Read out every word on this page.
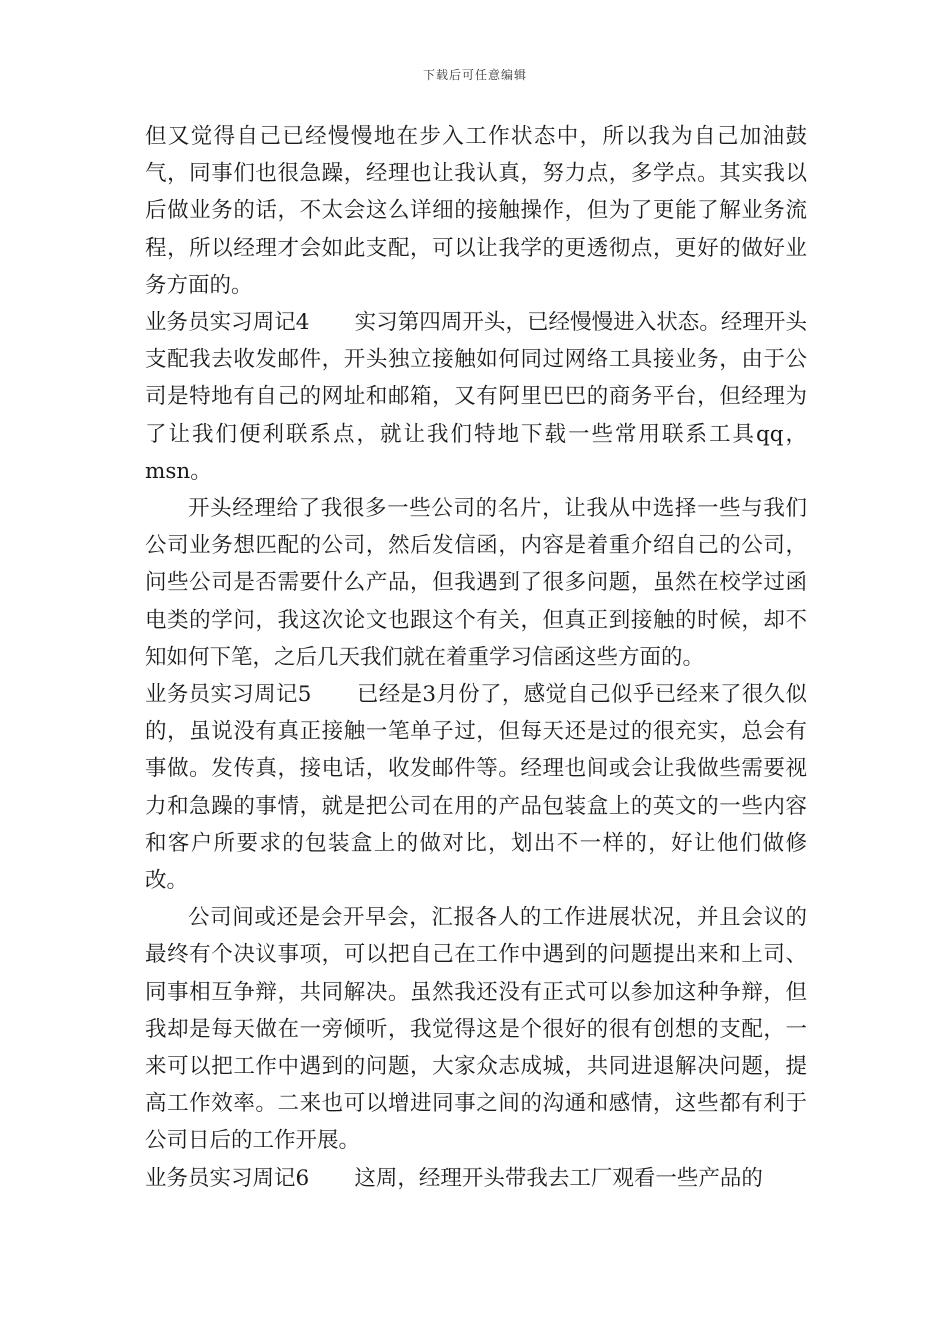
下载后可任意编辑

但又觉得自己已经慢慢地在步入工作状态中，所以我为自己加油鼓气，同事们也很急躁，经理也让我认真，努力点，多学点。其实我以后做业务的话，不太会这么详细的接触操作，但为了更能了解业务流程，所以经理才会如此支配，可以让我学的更透彻点，更好的做好业务方面的。

业务员实习周记4 实习第四周开头，已经慢慢进入状态。经理开头支配我去收发邮件，开头独立接触如何同过网络工具接业务，由于公司是特地有自己的网址和邮箱，又有阿里巴巴的商务平台，但经理为了让我们便利联系点，就让我们特地下载一些常用联系工具qq，msn。

开头经理给了我很多一些公司的名片，让我从中选择一些与我们公司业务想匹配的公司，然后发信函，内容是着重介绍自己的公司，问些公司是否需要什么产品，但我遇到了很多问题，虽然在校学过函电类的学问，我这次论文也跟这个有关，但真正到接触的时候，却不知如何下笔，之后几天我们就在着重学习信函这些方面的。

业务员实习周记5 已经是3月份了，感觉自己似乎已经来了很久似的，虽说没有真正接触一笔单子过，但每天还是过的很充实，总会有事做。发传真，接电话，收发邮件等。经理也间或会让我做些需要视力和急躁的事情，就是把公司在用的产品包装盒上的英文的一些内容和客户所要求的包装盒上的做对比，划出不一样的，好让他们做修改。

公司间或还是会开早会，汇报各人的工作进展状况，并且会议的最终有个决议事项，可以把自己在工作中遇到的问题提出来和上司、同事相互争辩，共同解决。虽然我还没有正式可以参加这种争辩，但我却是每天做在一旁倾听，我觉得这是个很好的很有创想的支配，一来可以把工作中遇到的问题，大家众志成城，共同进退解决问题，提高工作效率。二来也可以增进同事之间的沟通和感情，这些都有利于公司日后的工作开展。

业务员实习周记6 这周，经理开头带我去工厂观看一些产品的
